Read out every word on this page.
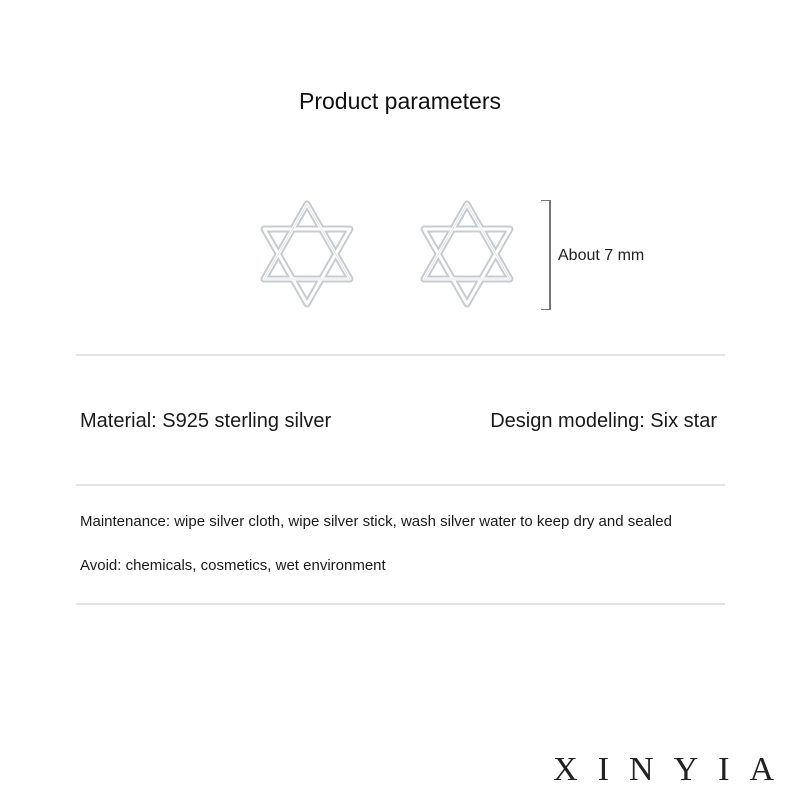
Product parameters
About 7 mm
Material: S925 sterling silver	Design modeling: Six star
Maintenance: wipe silver cloth, wipe silver stick, wash silver water to keep dry and sealed
Avoid: chemicals, cosmetics, wet environment
XINYIA
